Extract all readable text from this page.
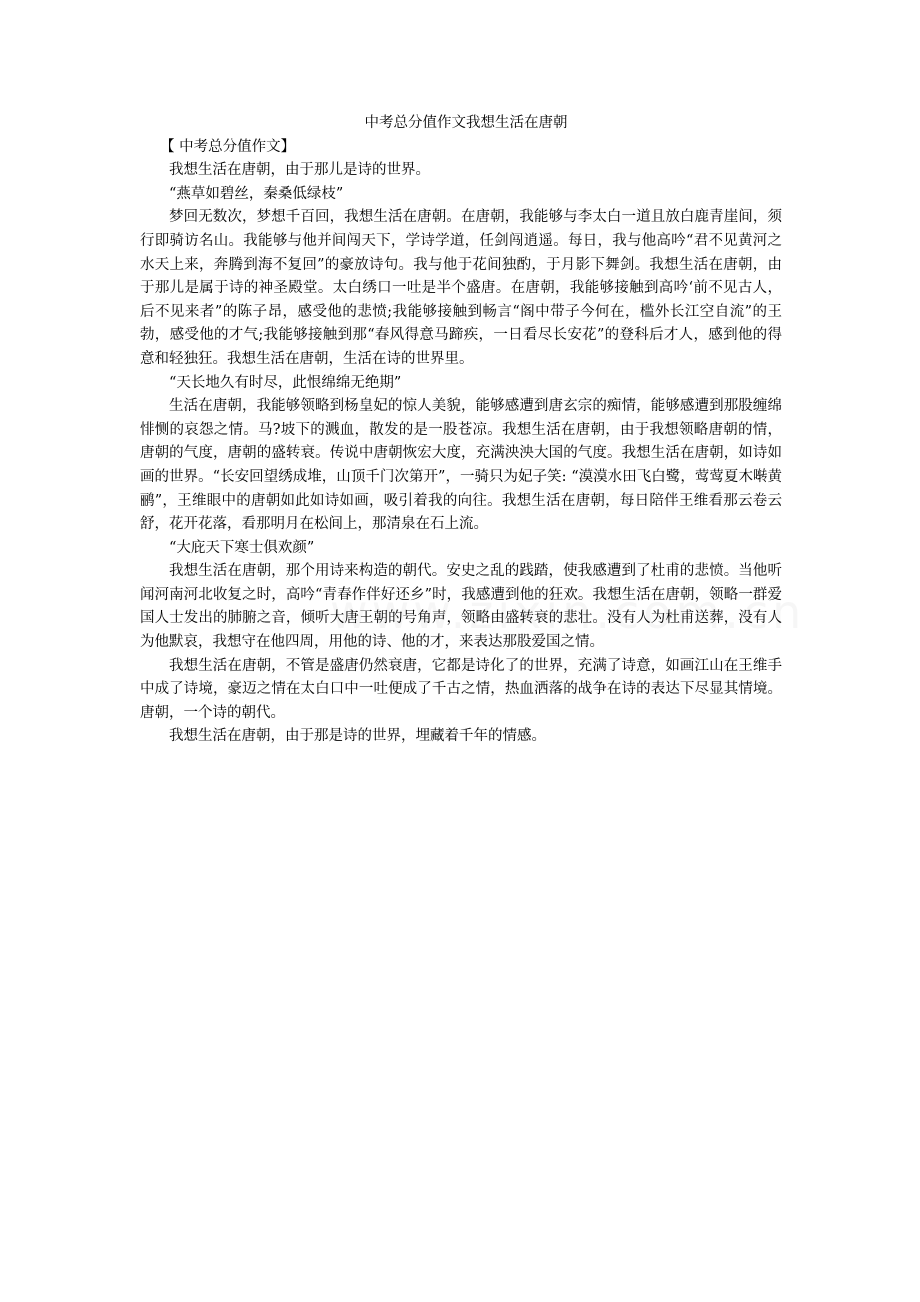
中考总分值作文我想生活在唐朝
【 中考总分值作文】

我想生活在唐朝，由于那儿是诗的世界。

“燕草如碧丝，秦桑低绿枝”

梦回无数次，梦想千百回，我想生活在唐朝。在唐朝，我能够与李太白一道且放白鹿青崖间，须行即骑访名山。我能够与他并间闯天下，学诗学道，任剑闯逍遥。每日，我与他高吟“君不见黄河之水天上来，奔腾到海不复回”的豪放诗句。我与他于花间独酌，于月影下舞剑。我想生活在唐朝，由于那儿是属于诗的神圣殿堂。太白绣口一吐是半个盛唐。在唐朝，我能够接触到高吟‘前不见古人，后不见来者”的陈子昂，感受他的悲愤;我能够接触到畅言“阁中带子今何在，槛外长江空自流”的王勃，感受他的才气;我能够接触到那“春风得意马蹄疾，一日看尽长安花”的登科后才人，感到他的得意和轻独狂。我想生活在唐朝，生活在诗的世界里。

“天长地久有时尽，此恨绵绵无绝期”

生活在唐朝，我能够领略到杨皇妃的惊人美貌，能够感遭到唐玄宗的痴情，能够感遭到那股缠绵悱恻的哀怨之情。马?坡下的溅血，散发的是一股苍凉。我想生活在唐朝，由于我想领略唐朝的情，唐朝的气度，唐朝的盛转衰。传说中唐朝恢宏大度，充满泱泱大国的气度。我想生活在唐朝，如诗如画的世界。“长安回望绣成堆，山顶千门次第开”，一骑只为妃子笑: “漠漠水田飞白鹭，莺莺夏木啭黄鹂”，王维眼中的唐朝如此如诗如画，吸引着我的向往。我想生活在唐朝，每日陪伴王维看那云卷云舒，花开花落，看那明月在松间上，那清泉在石上流。

“大庇天下寒士俱欢颜”

我想生活在唐朝，那个用诗来构造的朝代。安史之乱的践踏，使我感遭到了杜甫的悲愤。当他听闻河南河北收复之时，高吟“青春作伴好还乡”时，我感遭到他的狂欢。我想生活在唐朝，领略一群爱国人士发出的肺腑之音，倾听大唐王朝的号角声，领略由盛转衰的悲壮。没有人为杜甫送葬，没有人为他默哀，我想守在他四周，用他的诗、他的才，来表达那股爱国之情。

我想生活在唐朝，不管是盛唐仍然衰唐，它都是诗化了的世界，充满了诗意，如画江山在王维手中成了诗境，豪迈之情在太白口中一吐便成了千古之情，热血洒落的战争在诗的表达下尽显其情境。唐朝，一个诗的朝代。

我想生活在唐朝，由于那是诗的世界，埋藏着千年的情感。
